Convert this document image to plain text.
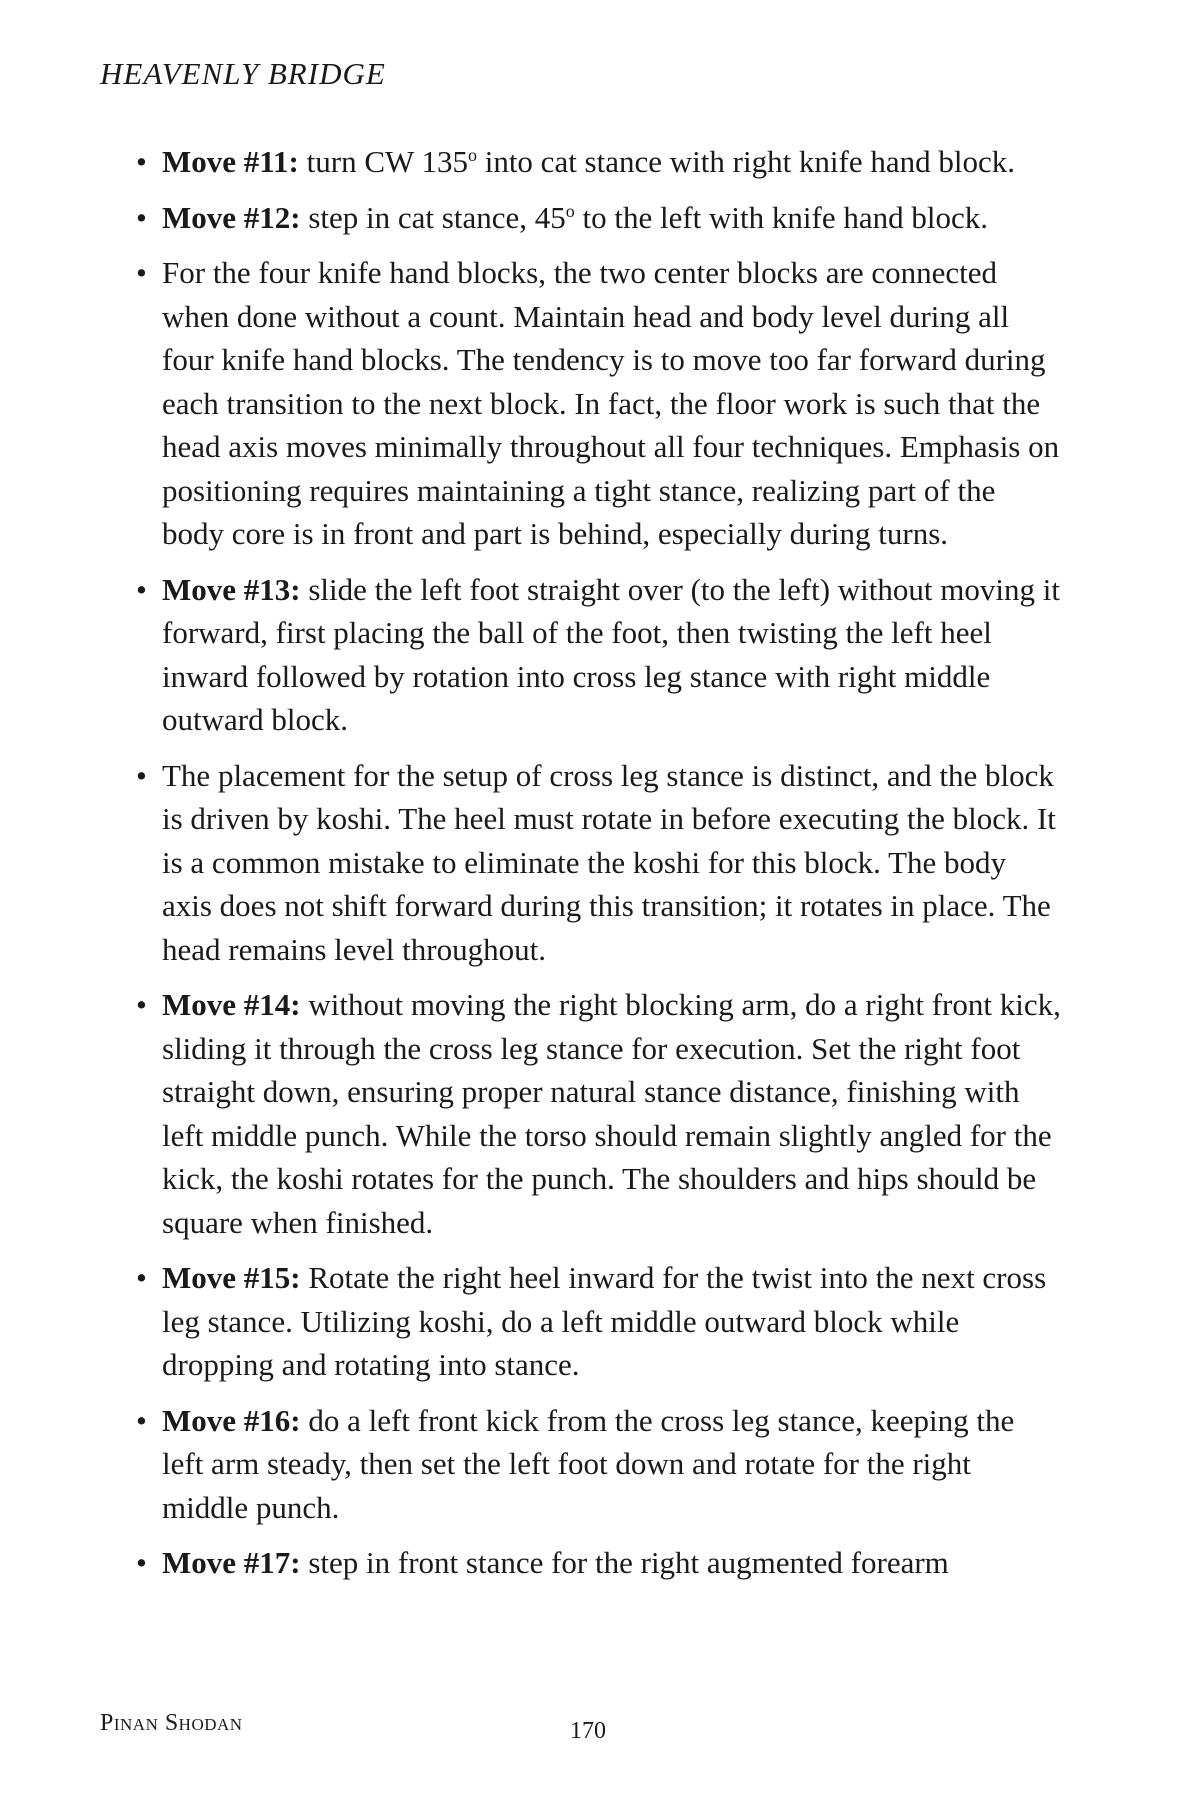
HEAVENLY BRIDGE
• Move #11: turn CW 135$^o$ into cat stance with right knife hand block.
• Move #12: step in cat stance, 45$^o$ to the left with knife hand block.
• For the four knife hand blocks, the two center blocks are connected when done without a count. Maintain head and body level during all four knife hand blocks. The tendency is to move too far forward during each transition to the next block. In fact, the floor work is such that the head axis moves minimally throughout all four techniques. Emphasis on positioning requires maintaining a tight stance, realizing part of the body core is in front and part is behind, especially during turns.
• Move #13: slide the left foot straight over (to the left) without moving it forward, first placing the ball of the foot, then twisting the left heel inward followed by rotation into cross leg stance with right middle outward block.
• The placement for the setup of cross leg stance is distinct, and the block is driven by koshi. The heel must rotate in before executing the block. It is a common mistake to eliminate the koshi for this block. The body axis does not shift forward during this transition; it rotates in place. The head remains level throughout.
• Move #14: without moving the right blocking arm, do a right front kick, sliding it through the cross leg stance for execution. Set the right foot straight down, ensuring proper natural stance distance, finishing with left middle punch. While the torso should remain slightly angled for the kick, the koshi rotates for the punch. The shoulders and hips should be square when finished.
• Move #15: Rotate the right heel inward for the twist into the next cross leg stance. Utilizing koshi, do a left middle outward block while dropping and rotating into stance.
• Move #16: do a left front kick from the cross leg stance, keeping the left arm steady, then set the left foot down and rotate for the right middle punch.
• Move #17: step in front stance for the right augmented forearm
Pinan Shodan	170
